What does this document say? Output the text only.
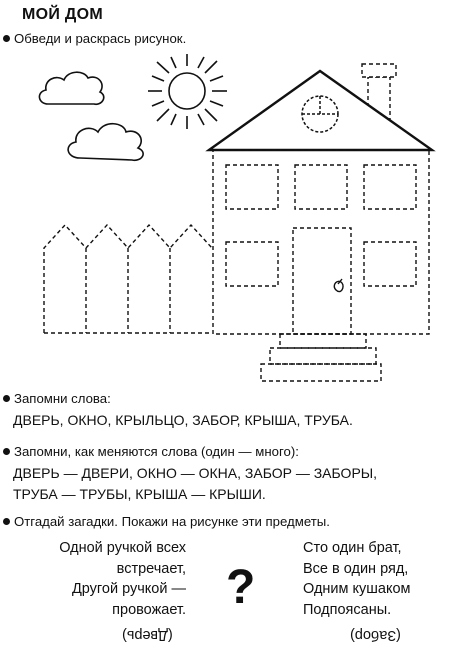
МОЙ ДОМ
Обведи и раскрась рисунок.
Запомни слова:
ДВЕРЬ, ОКНО, КРЫЛЬЦО, ЗАБОР, КРЫША, ТРУБА.
Запомни, как меняются слова (один — много):
ДВЕРЬ — ДВЕРИ, ОКНО — ОКНА, ЗАБОР — ЗАБОРЫ,
ТРУБА — ТРУБЫ, КРЫША — КРЫШИ.
Отгадай загадки. Покажи на рисунке эти предметы.
Одной ручкой всех
встречает,
Другой ручкой —
провожает.
(Дверь)
?
Сто один брат,
Все в один ряд,
Одним кушаком
Подпоясаны.
(Забор)
